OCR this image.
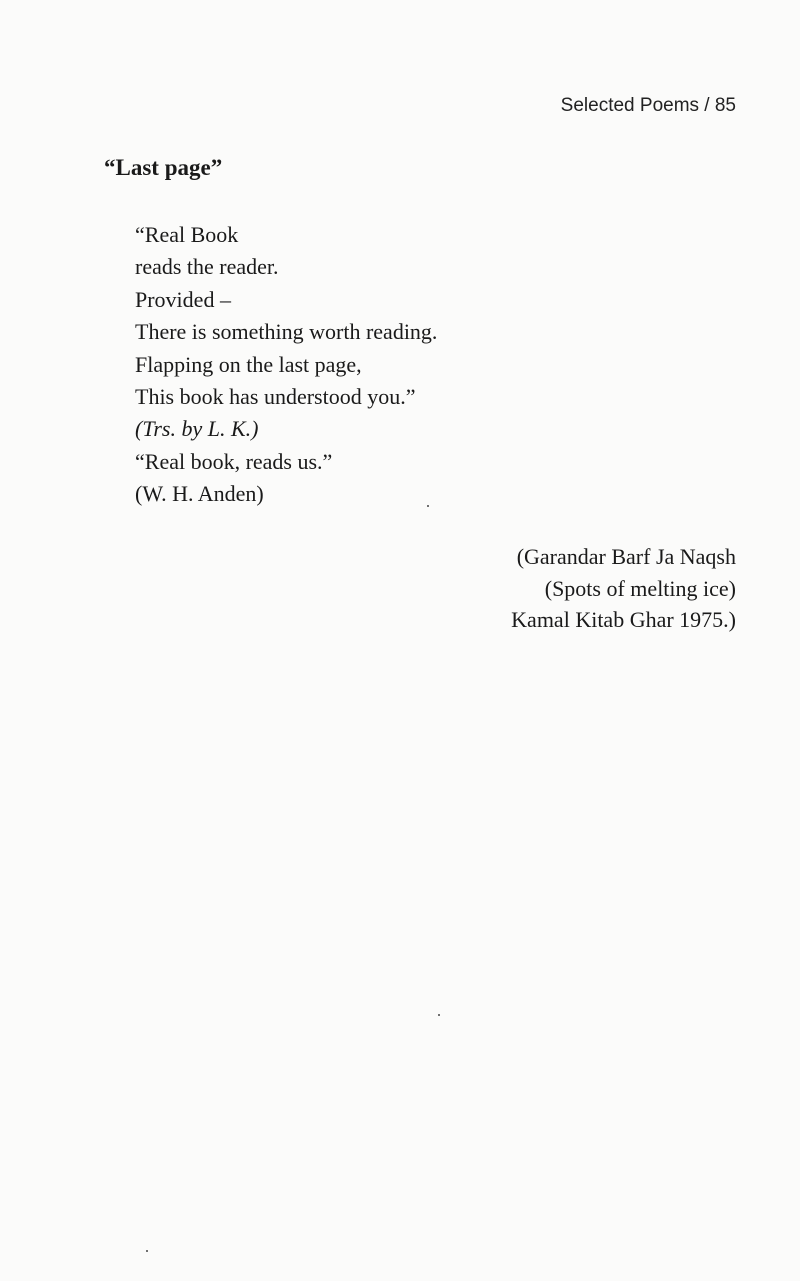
Selected Poems / 85
“Last page”
“Real Book
reads the reader.
Provided –
There is something worth reading.
Flapping on the last page,
This book has understood you.”
(Trs. by L. K.)
“Real book, reads us.”
(W. H. Anden)
(Garandar Barf Ja Naqsh
(Spots of melting ice)
Kamal Kitab Ghar 1975.)
